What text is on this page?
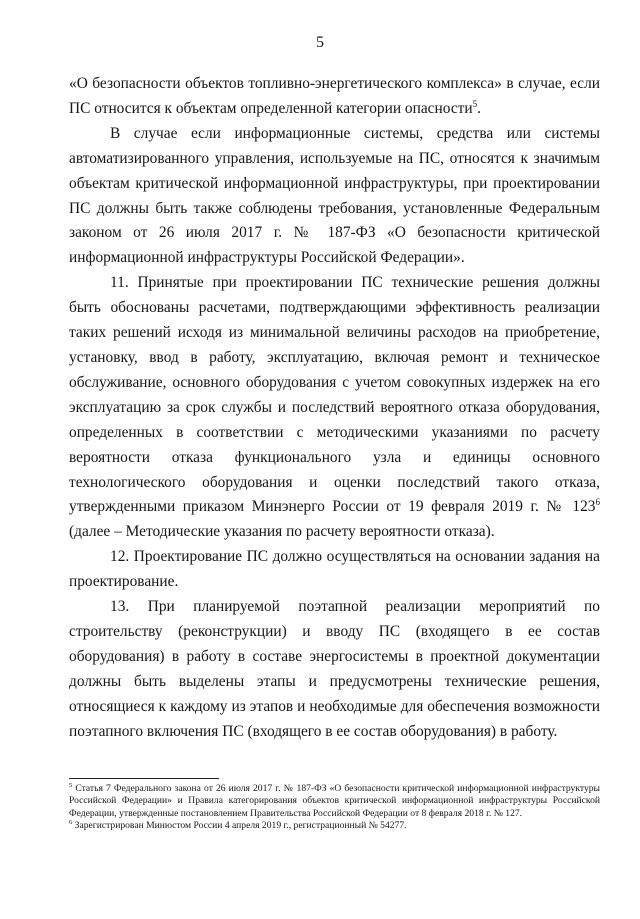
5

«О безопасности объектов топливно-энергетического комплекса» в случае, если ПС относится к объектам определенной категории опасности$^5$.

В случае если информационные системы, средства или системы автоматизированного управления, используемые на ПС, относятся к значимым объектам критической информационной инфраструктуры, при проектировании ПС должны быть также соблюдены требования, установленные Федеральным законом от 26 июля 2017 г. № 187-ФЗ «О безопасности критической информационной инфраструктуры Российской Федерации».

11. Принятые при проектировании ПС технические решения должны быть обоснованы расчетами, подтверждающими эффективность реализации таких решений исходя из минимальной величины расходов на приобретение, установку, ввод в работу, эксплуатацию, включая ремонт и техническое обслуживание, основного оборудования с учетом совокупных издержек на его эксплуатацию за срок службы и последствий вероятного отказа оборудования, определенных в соответствии с методическими указаниями по расчету вероятности отказа функционального узла и единицы основного технологического оборудования и оценки последствий такого отказа, утвержденными приказом Минэнерго России от 19 февраля 2019 г. № $123^6$ (далее – Методические указания по расчету вероятности отказа).

12. Проектирование ПС должно осуществляться на основании задания на проектирование.

13. При планируемой поэтапной реализации мероприятий по строительству (реконструкции) и вводу ПС (входящего в ее состав оборудования) в работу в составе энергосистемы в проектной документации должны быть выделены этапы и предусмотрены технические решения, относящиеся к каждому из этапов и необходимые для обеспечения возможности поэтапного включения ПС (входящего в ее состав оборудования) в работу.

$^5$ Статья 7 Федерального закона от 26 июля 2017 г. № 187-ФЗ «О безопасности критической информационной инфраструктуры Российской Федерации» и Правила категорирования объектов критической информационной инфраструктуры Российской Федерации, утвержденные постановлением Правительства Российской Федерации от 8 февраля 2018 г. № 127.

$^6$ Зарегистрирован Минюстом России 4 апреля 2019 г., регистрационный № 54277.
